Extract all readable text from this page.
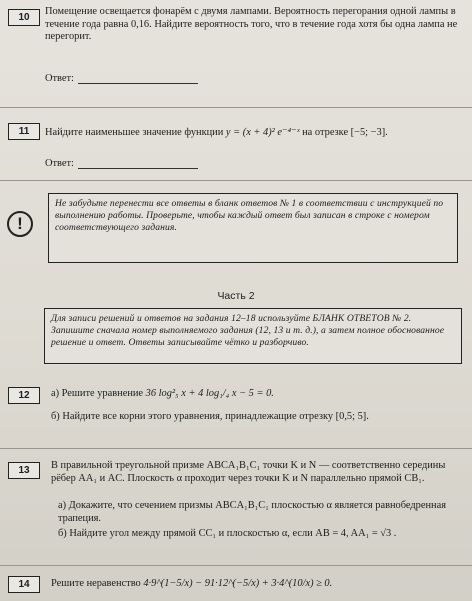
10
Помещение освещается фонарём с двумя лампами. Вероятность перегорания одной лампы в течение года равна 0,16. Найдите вероятность того, что в течение года хотя бы одна лампа не перегорит.
Ответ:
11	Найдите наименьшее значение функции y = (x + 4)² e⁻⁴⁻ˣ на отрезке [−5; −3].
Ответ:
!
Не забудьте перенести все ответы в бланк ответов № 1 в соответствии с инструкцией по выполнению работы. Проверьте, чтобы каждый ответ был записан в строке с номером соответствующего задания.
Часть 2
Для записи решений и ответов на задания 12–18 используйте БЛАНК ОТВЕТОВ № 2. Запишите сначала номер выполняемого задания (12, 13 и т. д.), а затем полное обоснованное решение и ответ. Ответы записывайте чётко и разборчиво.
12	а) Решите уравнение 36 log²₅ x + 4 log₁/₄ x − 5 = 0.
б) Найдите все корни этого уравнения, принадлежащие отрезку [0,5; 5].
13	В правильной треугольной призме ABCA₁B₁C₁ точки K и N — соответственно середины рёбер AA₁ и AC. Плоскость α проходит через точки K и N параллельно прямой CB₁.
а) Докажите, что сечением призмы ABCA₁B₁C₁ плоскостью α является равнобедренная трапеция.
б) Найдите угол между прямой CC₁ и плоскостью α, если AB = 4, AA₁ = √3 .
14	Решите неравенство 4·9^(1−5/x) − 91·12^(−5/x) + 3·4^(10/x) ≥ 0.
